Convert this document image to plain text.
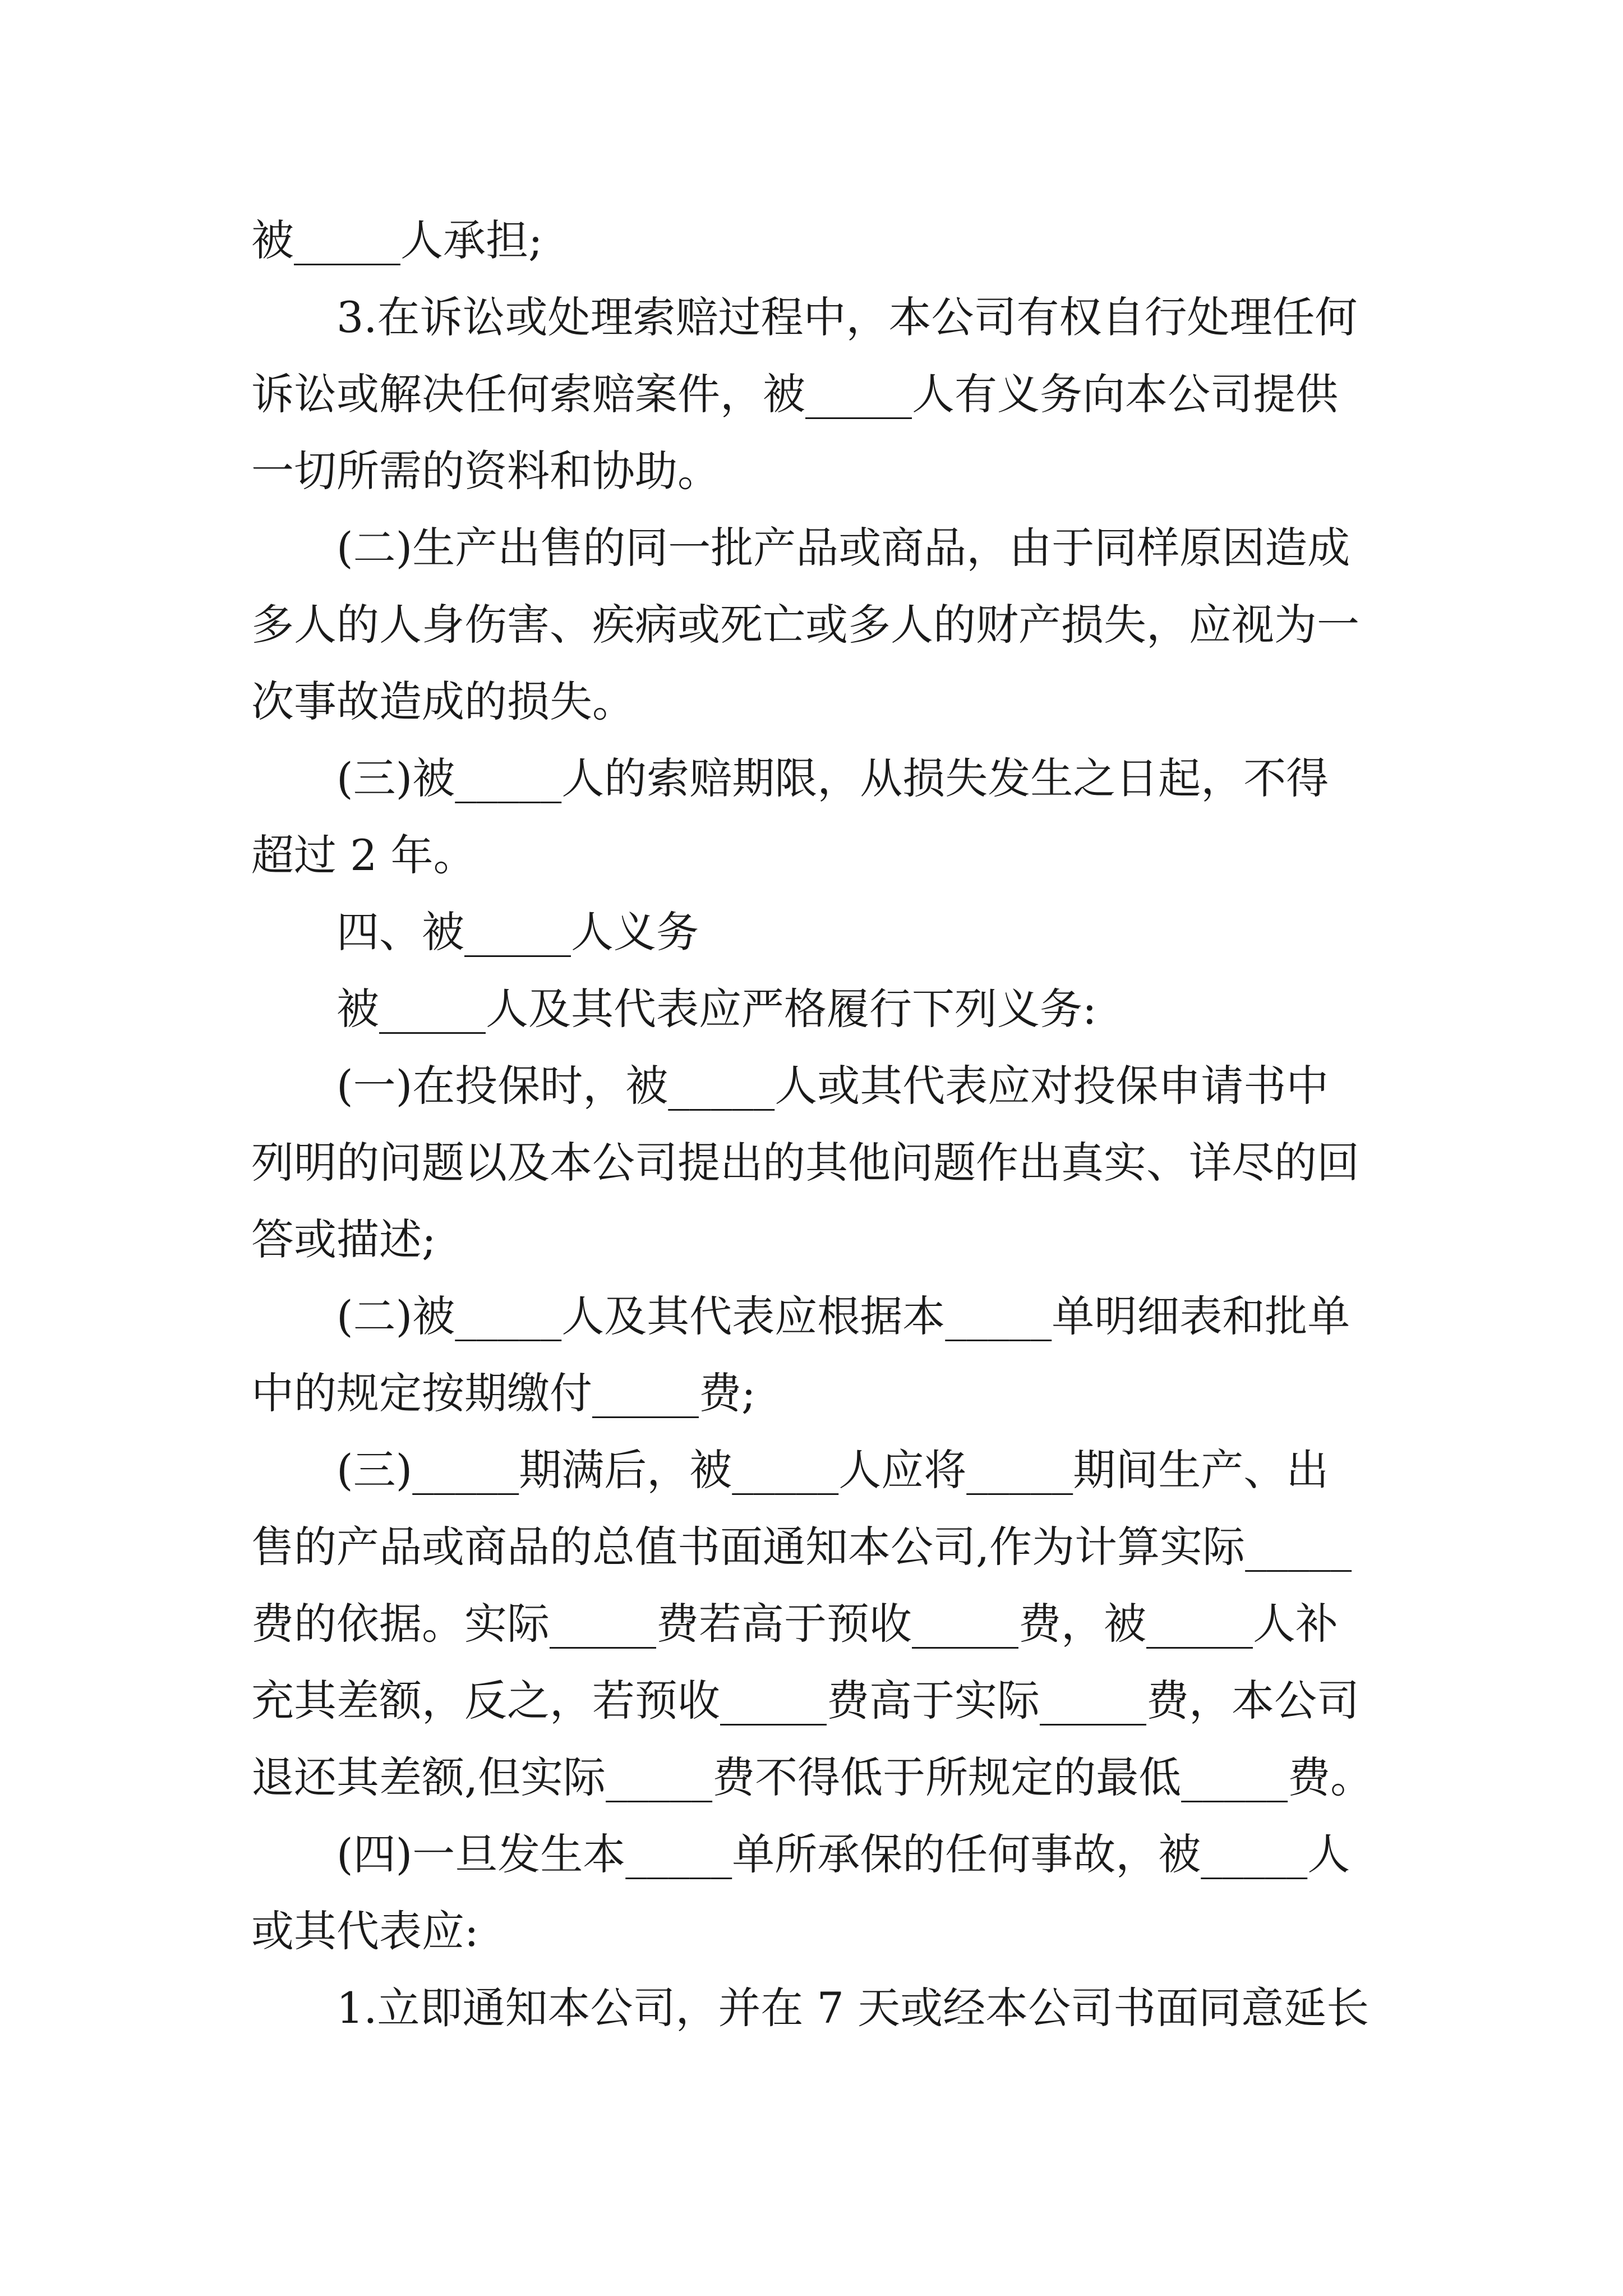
被_____人承担;
3.在诉讼或处理索赔过程中，本公司有权自行处理任何
诉讼或解决任何索赔案件，被_____人有义务向本公司提供
一切所需的资料和协助。
(二)生产出售的同一批产品或商品，由于同样原因造成
多人的人身伤害、疾病或死亡或多人的财产损失，应视为一
次事故造成的损失。
(三)被_____人的索赔期限，从损失发生之日起，不得
超过 2 年。
四、被_____人义务
被_____人及其代表应严格履行下列义务:
(一)在投保时，被_____人或其代表应对投保申请书中
列明的问题以及本公司提出的其他问题作出真实、详尽的回
答或描述;
(二)被_____人及其代表应根据本_____单明细表和批单
中的规定按期缴付_____费;
(三)_____期满后，被_____人应将_____期间生产、出
售的产品或商品的总值书面通知本公司,作为计算实际_____
费的依据。实际_____费若高于预收_____费，被_____人补
充其差额，反之，若预收_____费高于实际_____费，本公司
退还其差额,但实际_____费不得低于所规定的最低_____费。
(四)一旦发生本_____单所承保的任何事故，被_____人
或其代表应:
1.立即通知本公司，并在 7 天或经本公司书面同意延长
